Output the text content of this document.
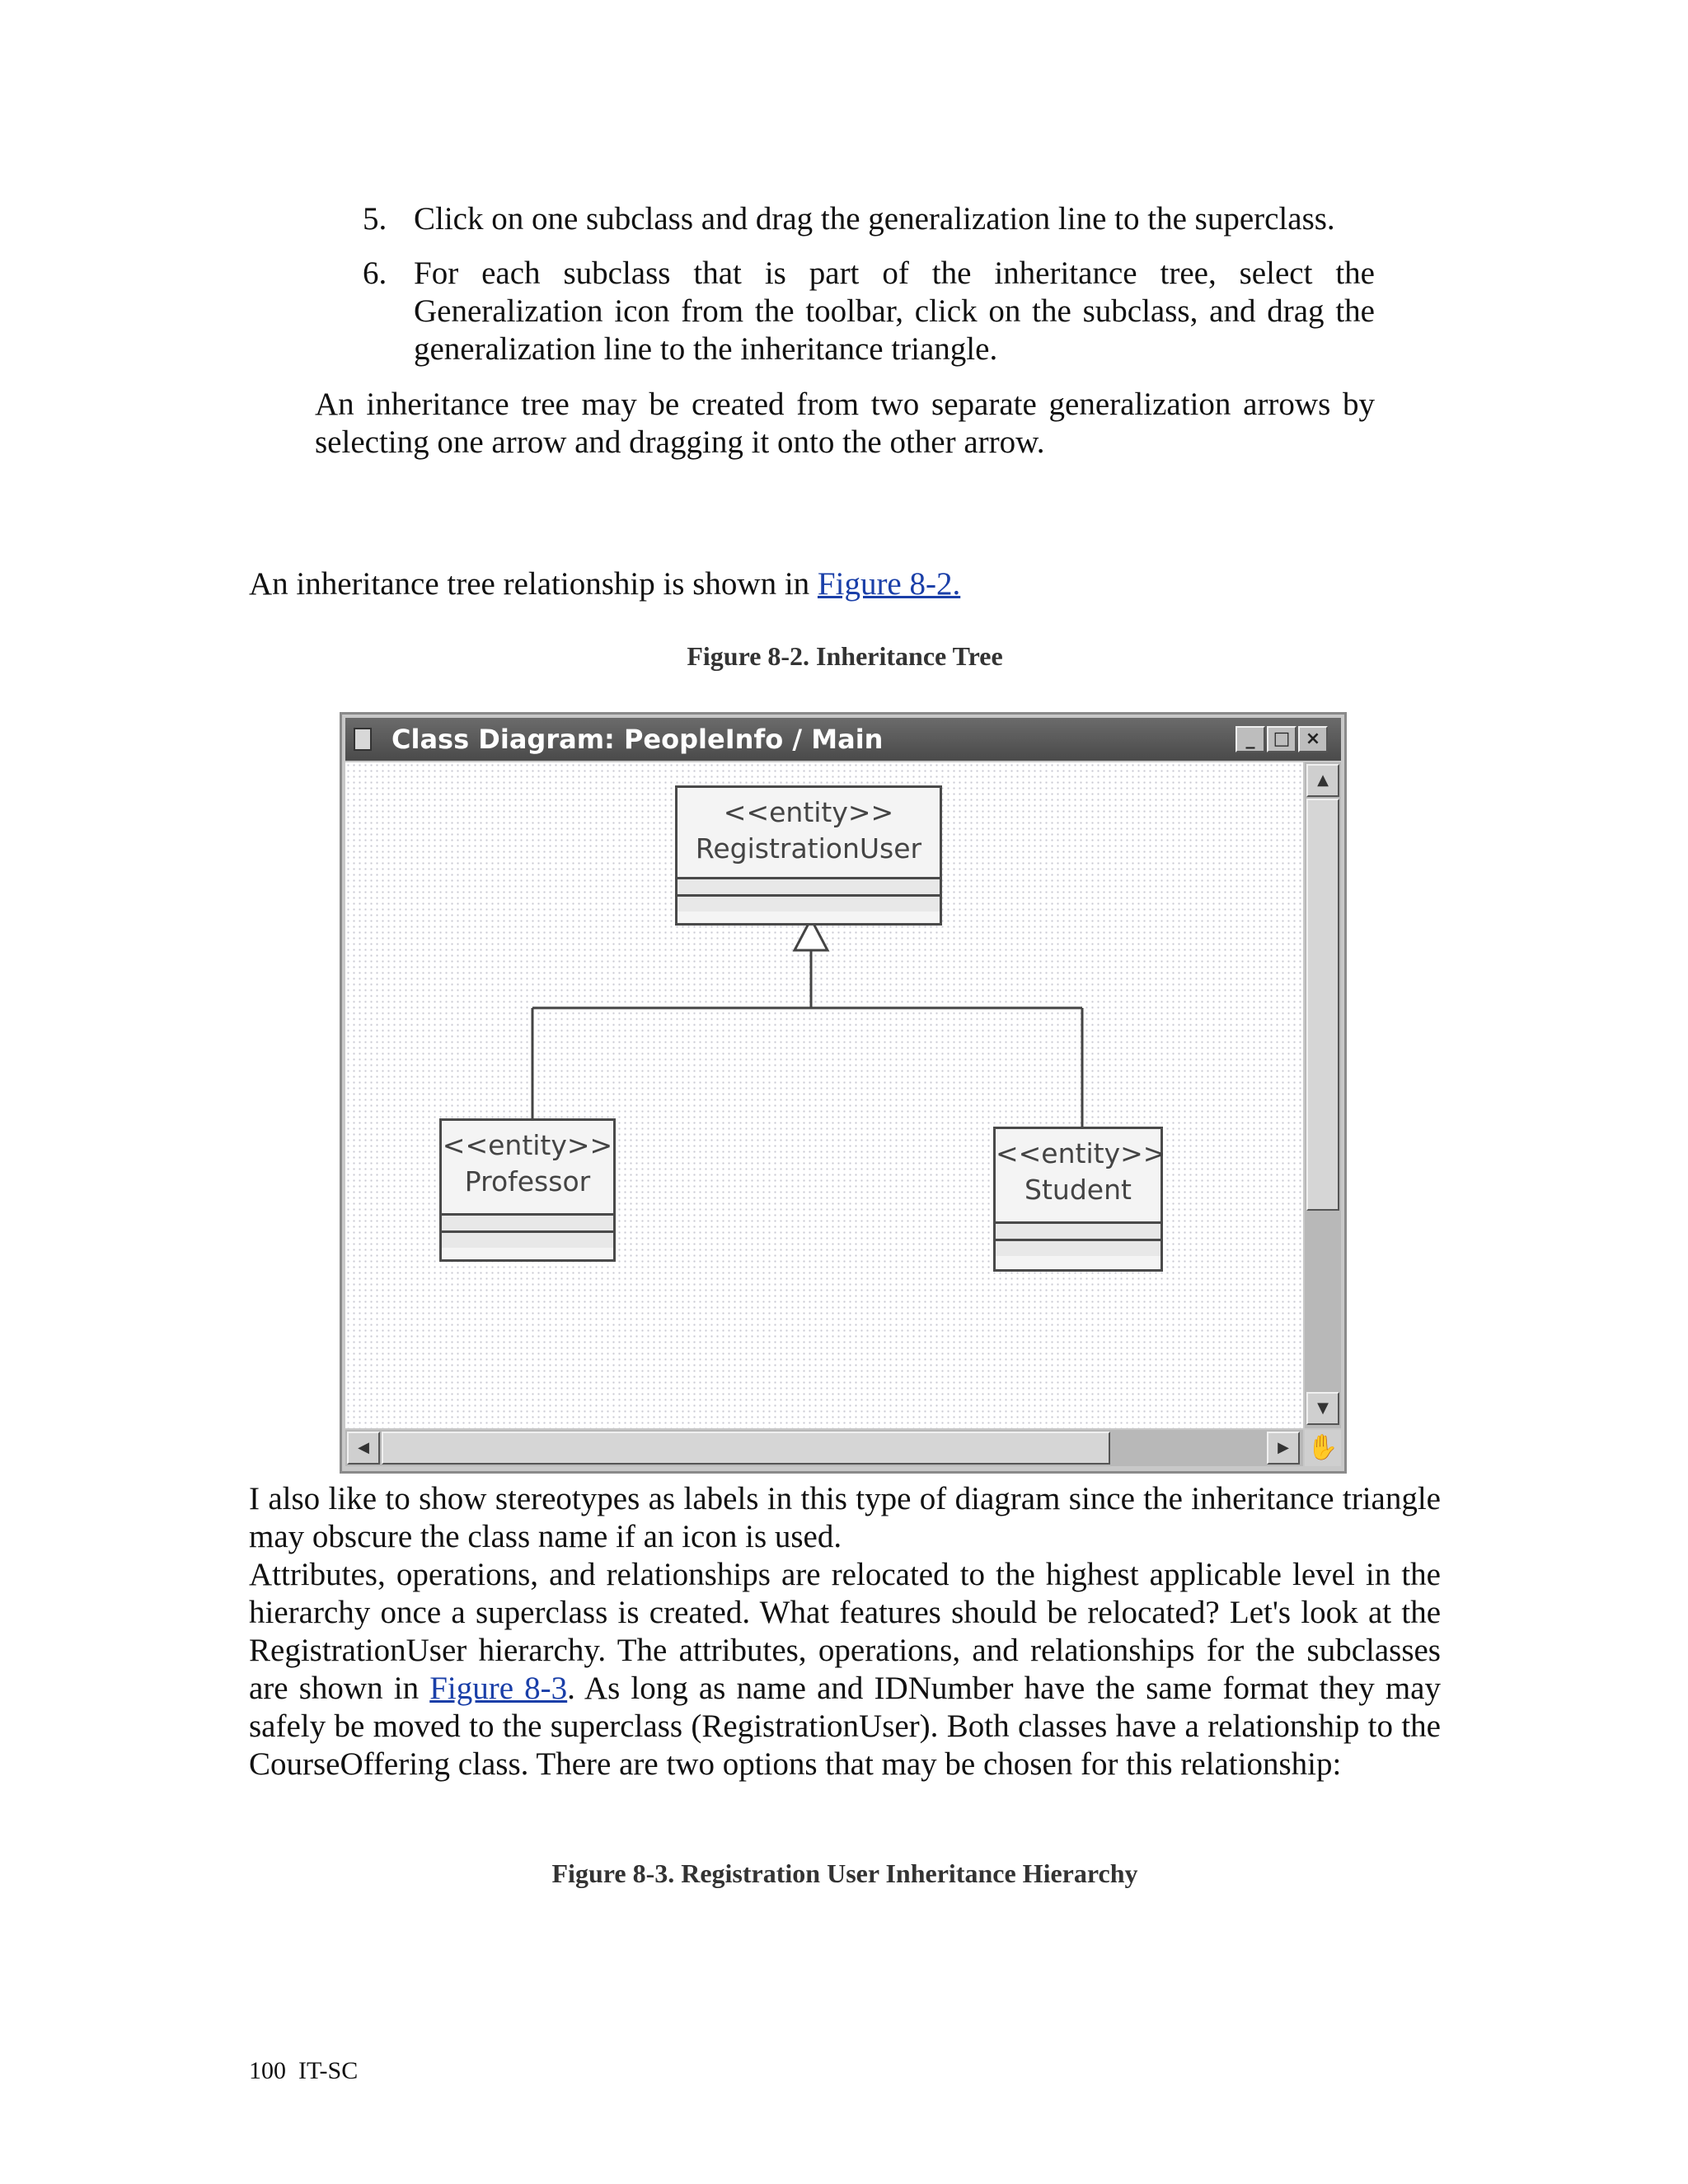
5. Click on one subclass and drag the generalization line to the superclass.
6. For each subclass that is part of the inheritance tree, select the Generalization icon from the toolbar, click on the subclass, and drag the generalization line to the inheritance triangle.
An inheritance tree may be created from two separate generalization arrows by selecting one arrow and dragging it onto the other arrow.
An inheritance tree relationship is shown in Figure 8-2.
Figure 8-2. Inheritance Tree
Class Diagram: PeopleInfo / Main	_	□ ×
<<entity>>
RegistrationUser
<<entity>>
Professor
<<entity>>
Student
▲
▼
◀	▶ ✋
I also like to show stereotypes as labels in this type of diagram since the inheritance triangle may obscure the class name if an icon is used.
Attributes, operations, and relationships are relocated to the highest applicable level in the hierarchy once a superclass is created. What features should be relocated? Let's look at the RegistrationUser hierarchy. The attributes, operations, and relationships for the subclasses are shown in Figure 8-3. As long as name and IDNumber have the same format they may safely be moved to the superclass (RegistrationUser). Both classes have a relationship to the CourseOffering class. There are two options that may be chosen for this relationship:
Figure 8-3. Registration User Inheritance Hierarchy
100  IT-SC
